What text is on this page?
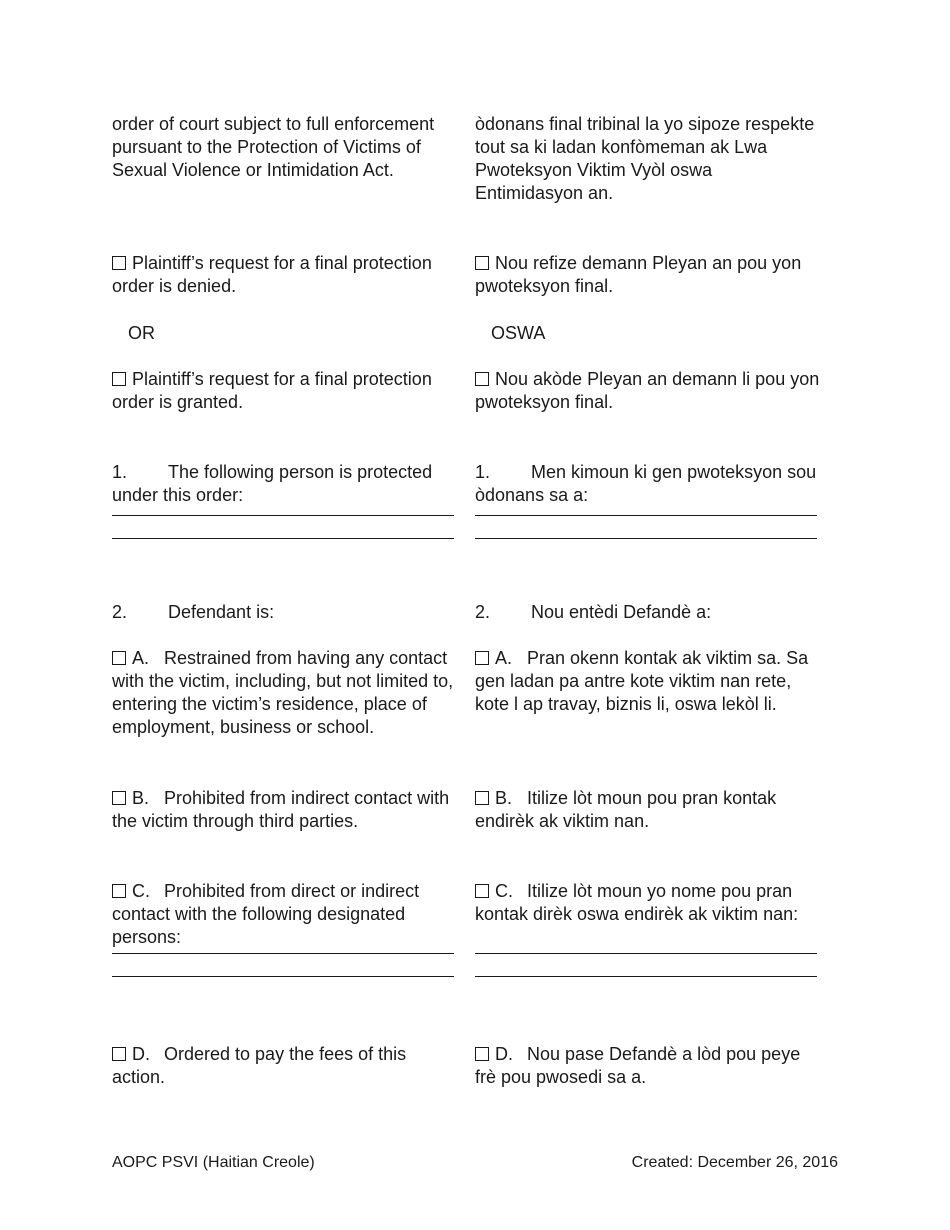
order of court subject to full enforcement pursuant to the Protection of Victims of Sexual Violence or Intimidation Act.
òdonans final tribinal la yo sipoze respekte tout sa ki ladan konfòmeman ak Lwa Pwoteksyon Viktim Vyòl oswa Entimidasyon an.
Plaintiff’s request for a final protection order is denied.
Nou refize demann Pleyan an pou yon pwoteksyon final.
OR	OSWA
Plaintiff’s request for a final protection order is granted.
Nou akòde Pleyan an demann li pou yon pwoteksyon final.
1. The following person is protected under this order:
1. Men kimoun ki gen pwoteksyon sou òdonans sa a:
2. Defendant is:	2. Nou entèdi Defandè a:
A. Restrained from having any contact with the victim, including, but not limited to, entering the victim’s residence, place of employment, business or school.
A. Pran okenn kontak ak viktim sa. Sa gen ladan pa antre kote viktim nan rete, kote l ap travay, biznis li, oswa lekòl li.
B. Prohibited from indirect contact with the victim through third parties.
B. Itilize lòt moun pou pran kontak endirèk ak viktim nan.
C. Prohibited from direct or indirect contact with the following designated persons:
C. Itilize lòt moun yo nome pou pran kontak dirèk oswa endirèk ak viktim nan:
D. Ordered to pay the fees of this action.
D. Nou pase Defandè a lòd pou peye frè pou pwosedi sa a.
AOPC PSVI (Haitian Creole)	Created: December 26, 2016
